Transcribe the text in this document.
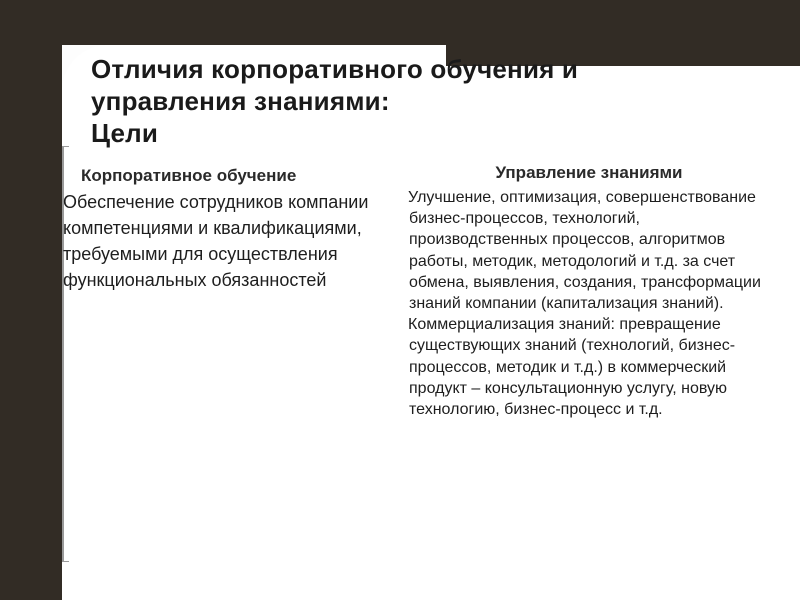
Отличия корпоративного обучения и
управления знаниями:
Цели
Корпоративное обучение
Обеспечение сотрудников компании компетенциями и квалификациями, требуемыми для осуществления функциональных обязанностей
Управление знаниями

Улучшение, оптимизация, совершенствование бизнес-процессов, технологий, производственных процессов, алгоритмов работы, методик, методологий и т.д. за счет обмена, выявления, создания, трансформации знаний компании (капитализация знаний).

Коммерциализация знаний: превращение существующих знаний (технологий, бизнес-процессов, методик и т.д.) в коммерческий продукт – консультационную услугу, новую технологию, бизнес-процесс и т.д.
